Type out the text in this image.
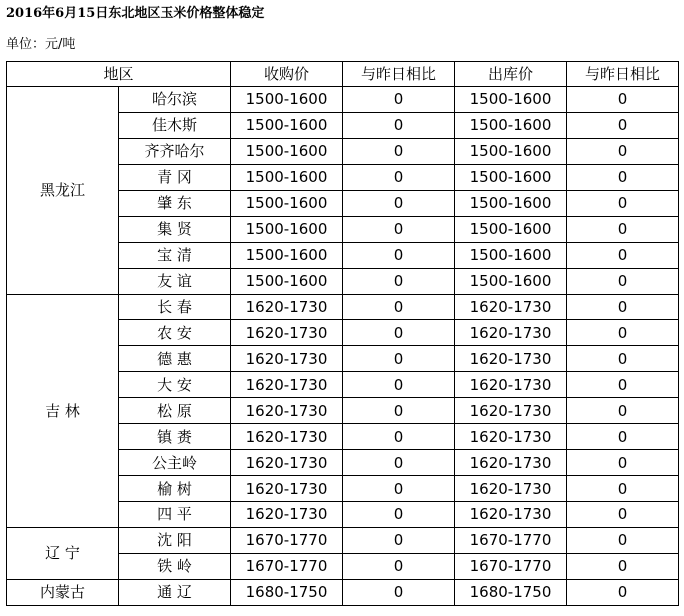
2016年6月15日东北地区玉米价格整体稳定
单位：元/吨
地区		收购价	与昨日相比	出库价	与昨日相比
黑龙江	哈尔滨	1500-1600	0	1500-1600	0
	佳木斯	1500-1600	0	1500-1600	0
	齐齐哈尔	1500-1600	0	1500-1600	0
	青 冈	1500-1600	0	1500-1600	0
	肇 东	1500-1600	0	1500-1600	0
	集 贤	1500-1600	0	1500-1600	0
	宝 清	1500-1600	0	1500-1600	0
	友 谊	1500-1600	0	1500-1600	0
吉 林	长 春	1620-1730	0	1620-1730	0
	农 安	1620-1730	0	1620-1730	0
	德 惠	1620-1730	0	1620-1730	0
	大 安	1620-1730	0	1620-1730	0
	松 原	1620-1730	0	1620-1730	0
	镇 赉	1620-1730	0	1620-1730	0
	公主岭	1620-1730	0	1620-1730	0
	榆 树	1620-1730	0	1620-1730	0
	四 平	1620-1730	0	1620-1730	0
辽 宁	沈 阳	1670-1770	0	1670-1770	0
	铁 岭	1670-1770	0	1670-1770	0
内蒙古	通 辽	1680-1750	0	1680-1750	0
